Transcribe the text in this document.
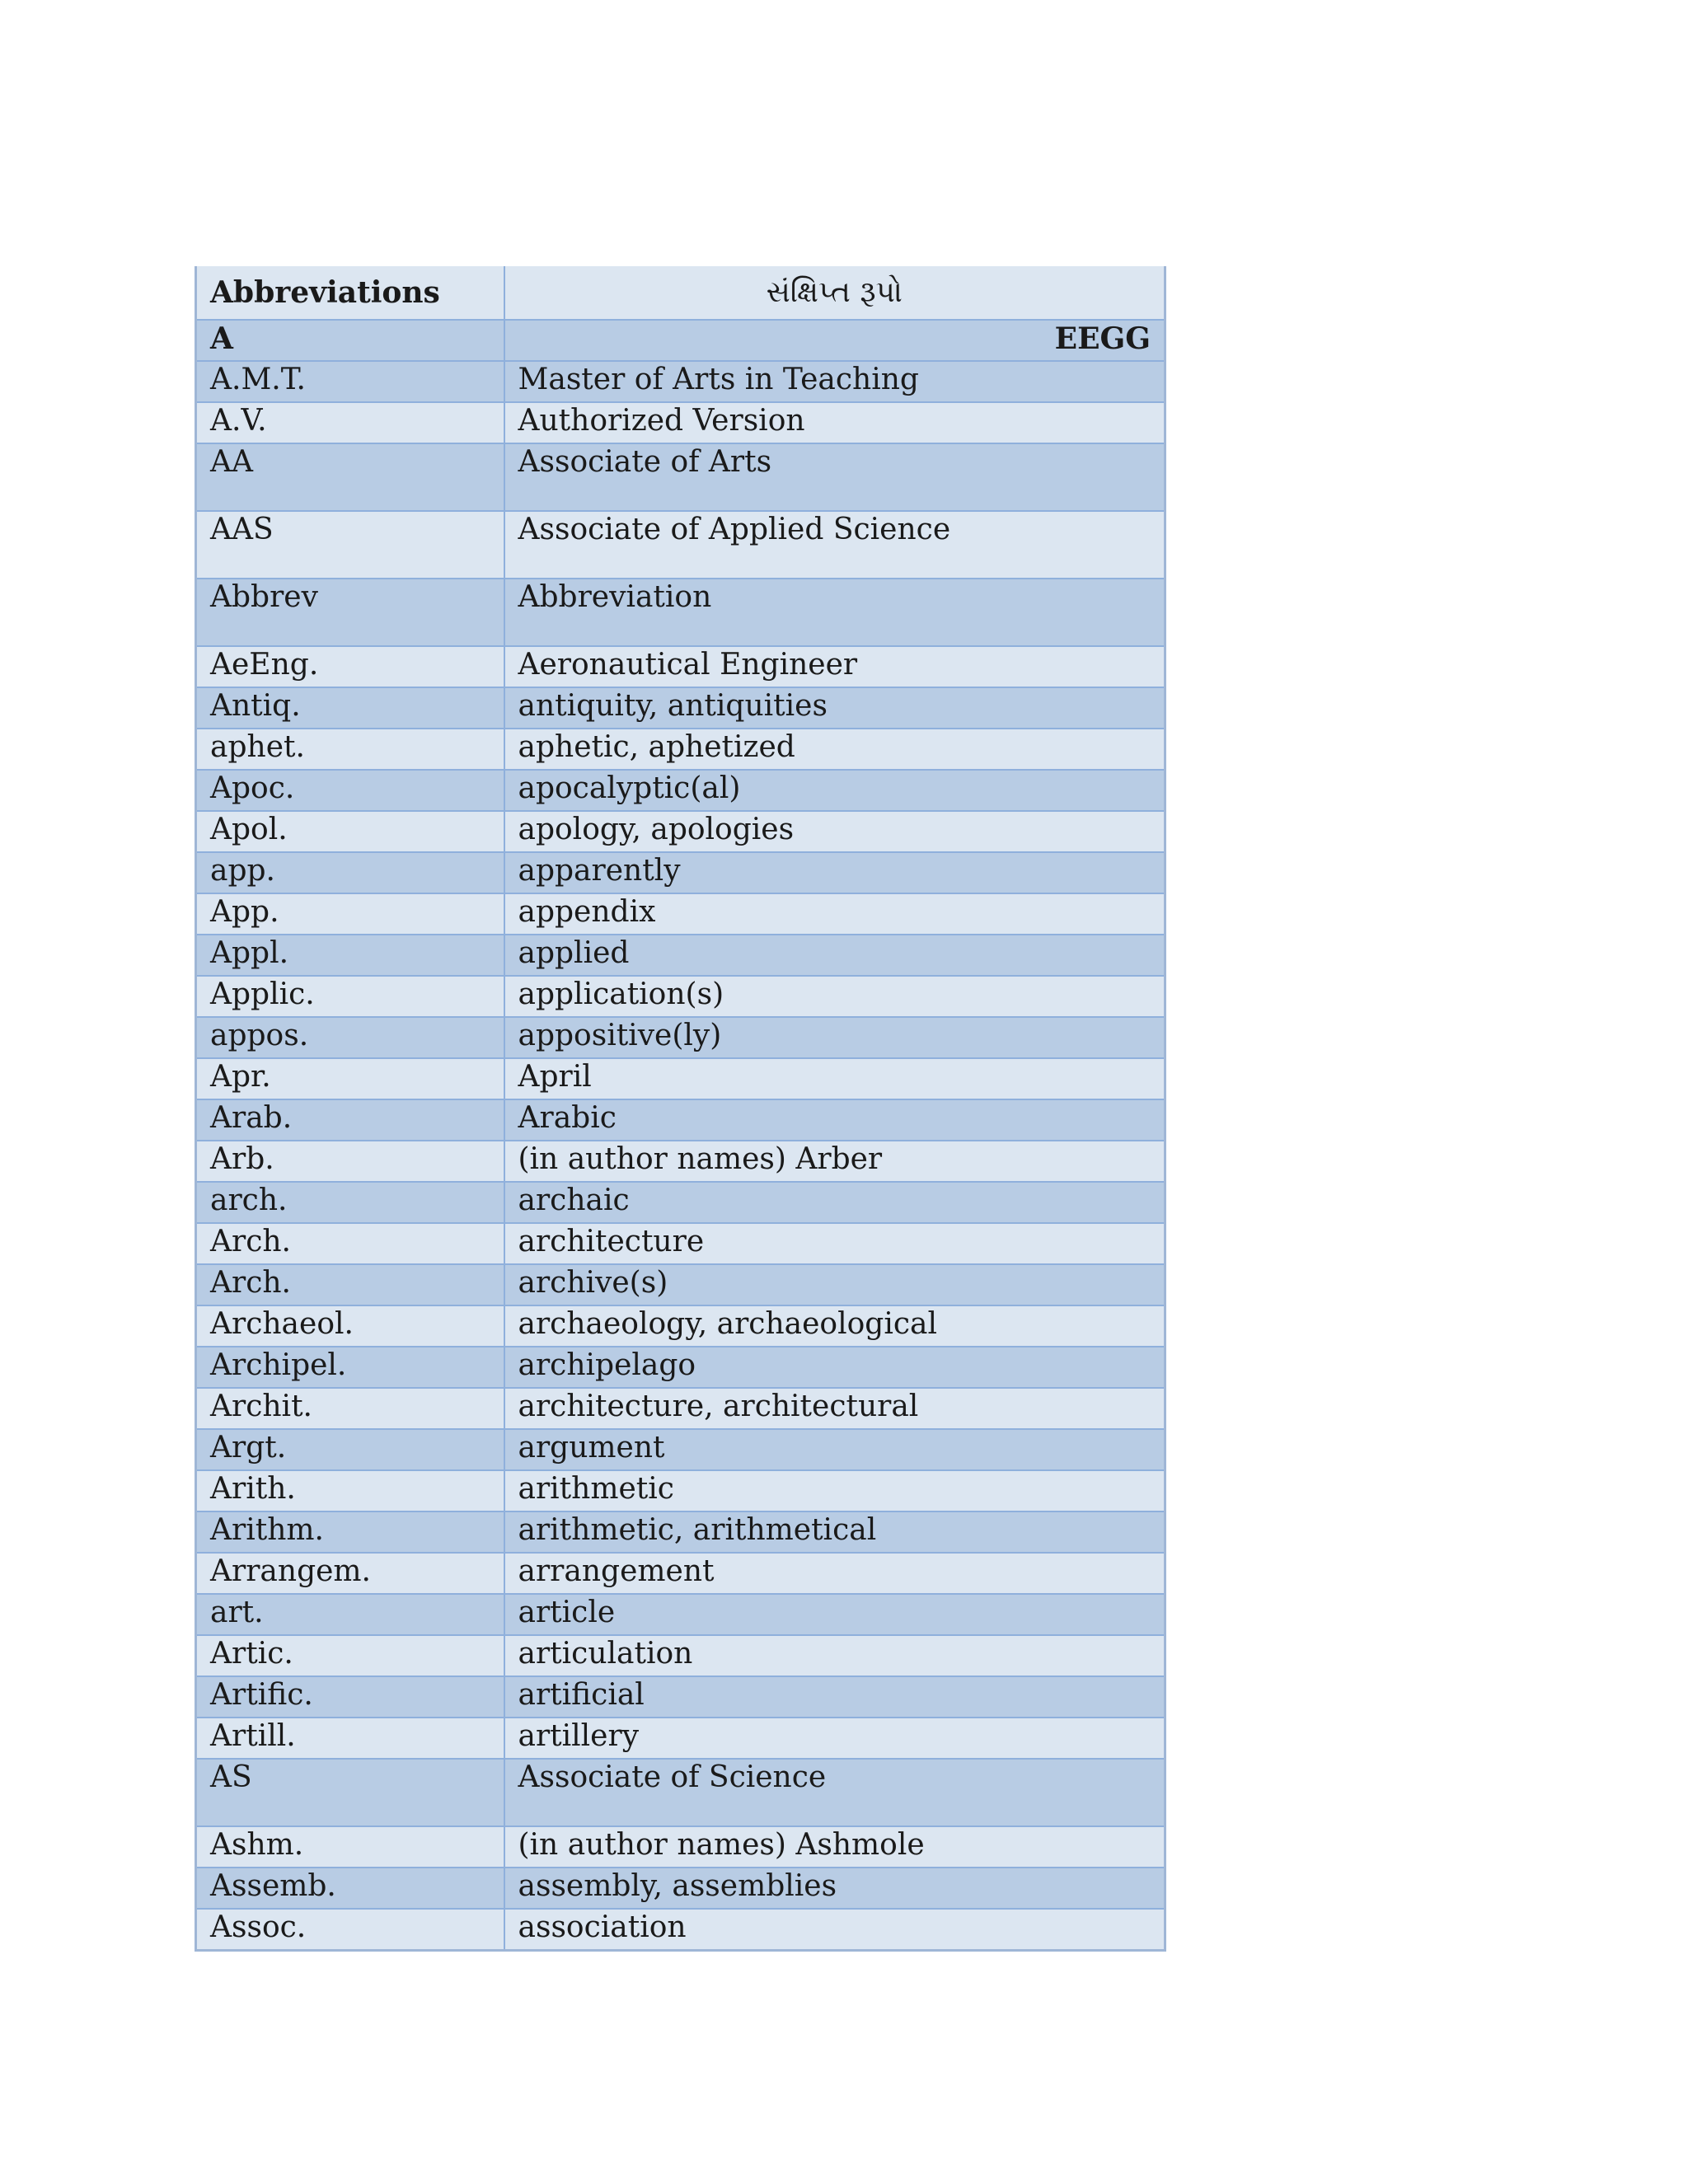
Abbreviations	સંક્ષિપ્ત રૂપો
A	EEGG
A.M.T.	Master of Arts in Teaching
A.V.	Authorized Version
AA	Associate of Arts
AAS	Associate of Applied Science
Abbrev	Abbreviation
AeEng.	Aeronautical Engineer
Antiq.	antiquity, antiquities
aphet.	aphetic, aphetized
Apoc.	apocalyptic(al)
Apol.	apology, apologies
app.	apparently
App.	appendix
Appl.	applied
Applic.	application(s)
appos.	appositive(ly)
Apr.	April
Arab.	Arabic
Arb.	(in author names) Arber
arch.	archaic
Arch.	architecture
Arch.	archive(s)
Archaeol.	archaeology, archaeological
Archipel.	archipelago
Archit.	architecture, architectural
Argt.	argument
Arith.	arithmetic
Arithm.	arithmetic, arithmetical
Arrangem.	arrangement
art.	article
Artic.	articulation
Artific.	artificial
Artill.	artillery
AS	Associate of Science
Ashm.	(in author names) Ashmole
Assemb.	assembly, assemblies
Assoc.	association
